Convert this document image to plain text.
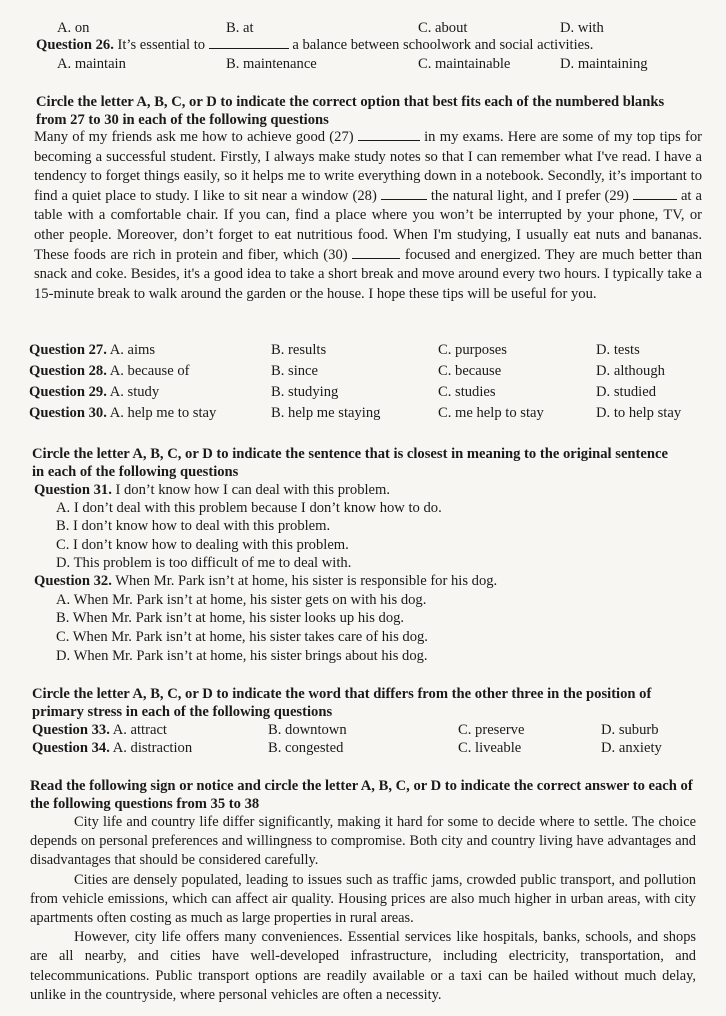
A. on	B. at	C. about	D. with
Question 26. It’s essential to	a balance between schoolwork and social activities.
A. maintain	B. maintenance	C. maintainable	D. maintaining

Circle the letter A, B, C, or D to indicate the correct option that best fits each of the numbered blanks from 27 to 30 in each of the following questions

Many of my friends ask me how to achieve good (27)	in my exams. Here are some of my top tips for becoming a successful student. Firstly, I always make study notes so that I can remember what I've read. I have a tendency to forget things easily, so it helps me to write everything down in a notebook. Secondly, it’s important to find a quiet place to study. I like to sit near a window (28)	the natural light, and I prefer (29)	at a table with a comfortable chair. If you can, find a place where you won’t be interrupted by your phone, TV, or other people. Moreover, don’t forget to eat nutritious food. When I'm studying, I usually eat nuts and bananas. These foods are rich in protein and fiber, which (30)	focused and energized. They are much better than snack and coke. Besides, it's a good idea to take a short break and move around every two hours. I typically take a 15-minute break to walk around the garden or the house. I hope these tips will be useful for you.

Question 27. A. aims	B. results	C. purposes	D. tests
Question 28. A. because of	B. since	C. because	D. although
Question 29. A. study	B. studying	C. studies	D. studied
Question 30. A. help me to stay	B. help me staying	C. me help to stay	D. to help stay

Circle the letter A, B, C, or D to indicate the sentence that is closest in meaning to the original sentence in each of the following questions

Question 31. I don’t know how I can deal with this problem.
A. I don’t deal with this problem because I don’t know how to do.
B. I don’t know how to deal with this problem.
C. I don’t know how to dealing with this problem.
D. This problem is too difficult of me to deal with.
Question 32. When Mr. Park isn’t at home, his sister is responsible for his dog.
A. When Mr. Park isn’t at home, his sister gets on with his dog.
B. When Mr. Park isn’t at home, his sister looks up his dog.
C. When Mr. Park isn’t at home, his sister takes care of his dog.
D. When Mr. Park isn’t at home, his sister brings about his dog.

Circle the letter A, B, C, or D to indicate the word that differs from the other three in the position of primary stress in each of the following questions

Question 33. A. attract	B. downtown	C. preserve	D. suburb
Question 34. A. distraction	B. congested	C. liveable	D. anxiety

Read the following sign or notice and circle the letter A, B, C, or D to indicate the correct answer to each of the following questions from 35 to 38

City life and country life differ significantly, making it hard for some to decide where to settle. The choice depends on personal preferences and willingness to compromise. Both city and country living have advantages and disadvantages that should be considered carefully.

Cities are densely populated, leading to issues such as traffic jams, crowded public transport, and pollution from vehicle emissions, which can affect air quality. Housing prices are also much higher in urban areas, with city apartments often costing as much as large properties in rural areas.

However, city life offers many conveniences. Essential services like hospitals, banks, schools, and shops are all nearby, and cities have well-developed infrastructure, including electricity, transportation, and telecommunications. Public transport options are readily available or a taxi can be hailed without much delay, unlike in the countryside, where personal vehicles are often a necessity.
